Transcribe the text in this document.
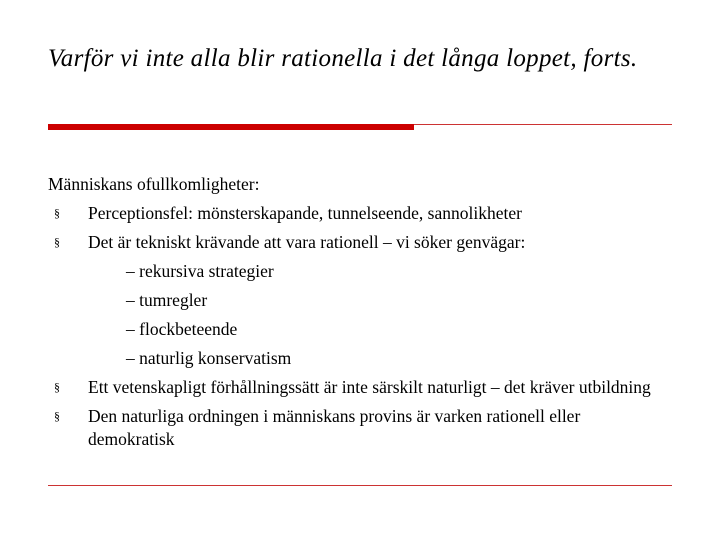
Varför vi inte alla blir rationella i det långa loppet, forts.
Människans ofullkomligheter:
§ Perceptionsfel: mönsterskapande, tunnelseende, sannolikheter
§ Det är tekniskt krävande att vara rationell – vi söker genvägar:
– rekursiva strategier
– tumregler
– flockbeteende
– naturlig konservatism
§ Ett vetenskapligt förhållningssätt är inte särskilt naturligt – det kräver utbildning
§ Den naturliga ordningen i människans provins är varken rationell eller demokratisk
